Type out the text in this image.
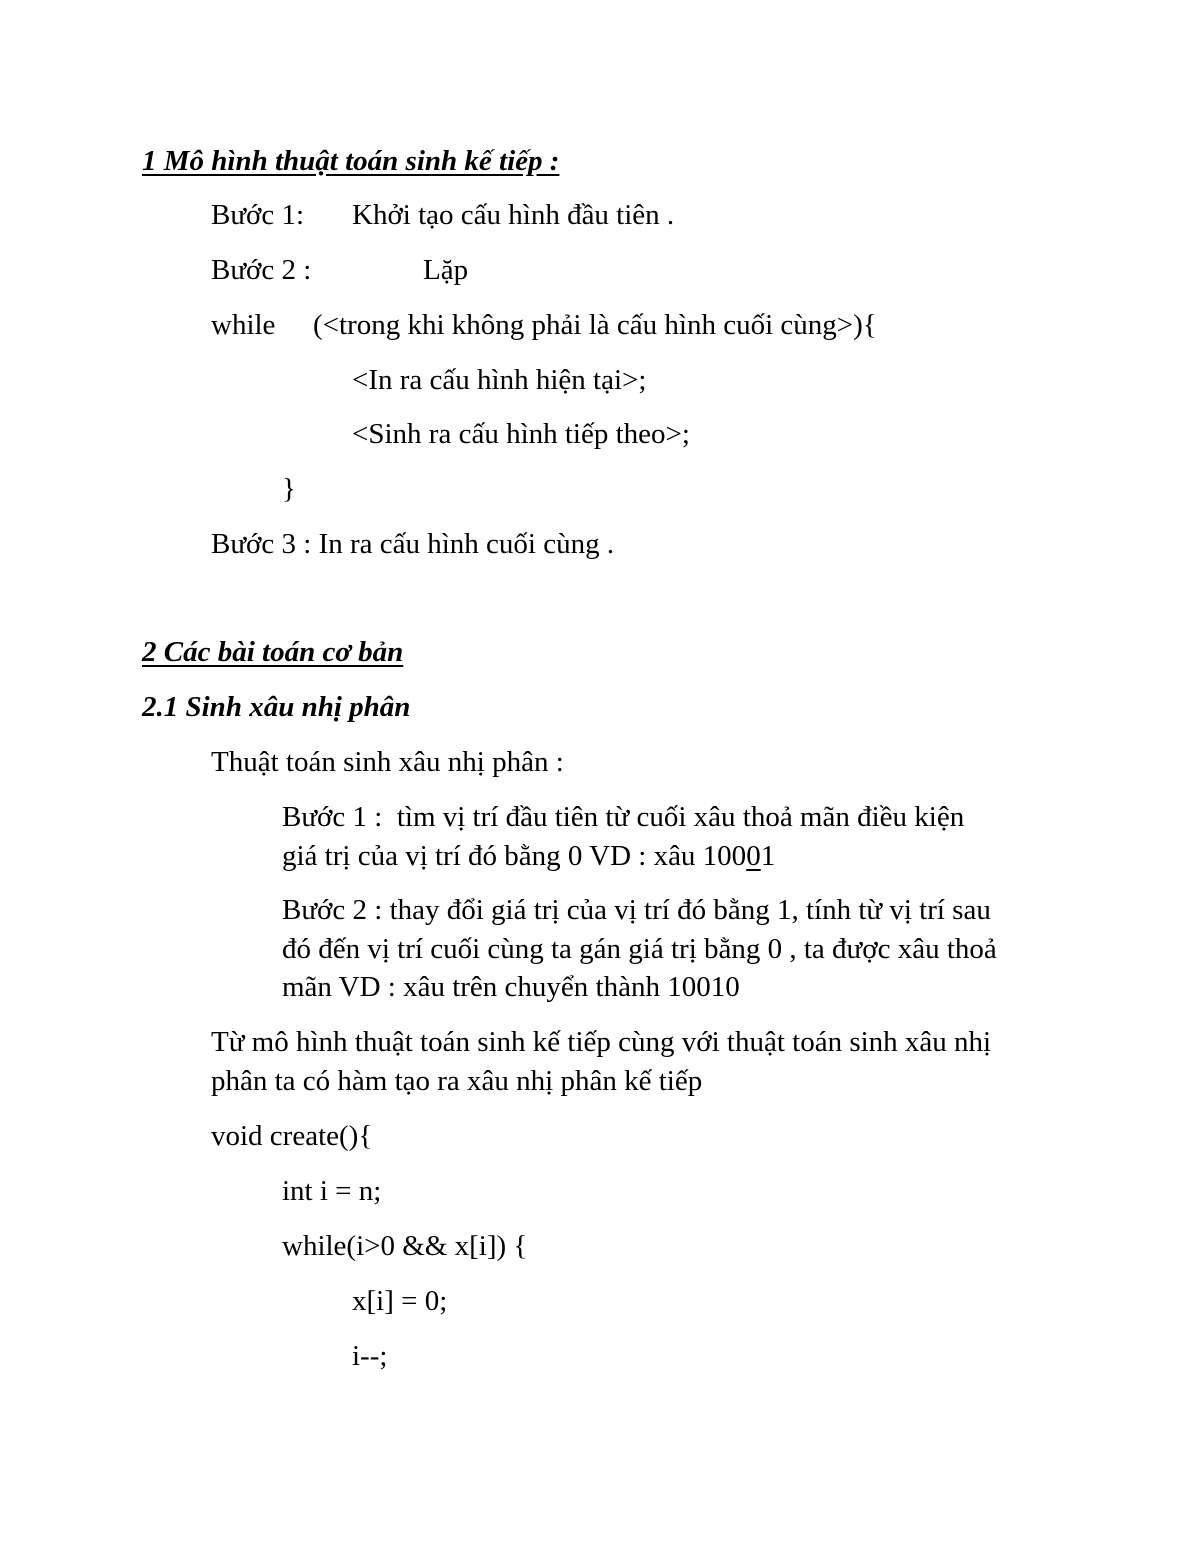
1 Mô hình thuật toán sinh kế tiếp :
Bước 1: Khởi tạo cấu hình đầu tiên .
Bước 2 :	Lặp
while (<trong khi không phải là cấu hình cuối cùng>){
<In ra cấu hình hiện tại>;
<Sinh ra cấu hình tiếp theo>;
}
Bước 3 : In ra cấu hình cuối cùng .
2 Các bài toán cơ bản
2.1 Sinh xâu nhị phân
Thuật toán sinh xâu nhị phân :
Bước 1 :  tìm vị trí đầu tiên từ cuối xâu thoả mãn điều kiện
giá trị của vị trí đó bằng 0 VD : xâu 10001
Bước 2 : thay đổi giá trị của vị trí đó bằng 1, tính từ vị trí sau
đó đến vị trí cuối cùng ta gán giá trị bằng 0 , ta được xâu thoả
mãn VD : xâu trên chuyển thành 10010
Từ mô hình thuật toán sinh kế tiếp cùng với thuật toán sinh xâu nhị
phân ta có hàm tạo ra xâu nhị phân kế tiếp
void create(){
int i = n;
while(i>0 && x[i]) {
x[i] = 0;
i--;
